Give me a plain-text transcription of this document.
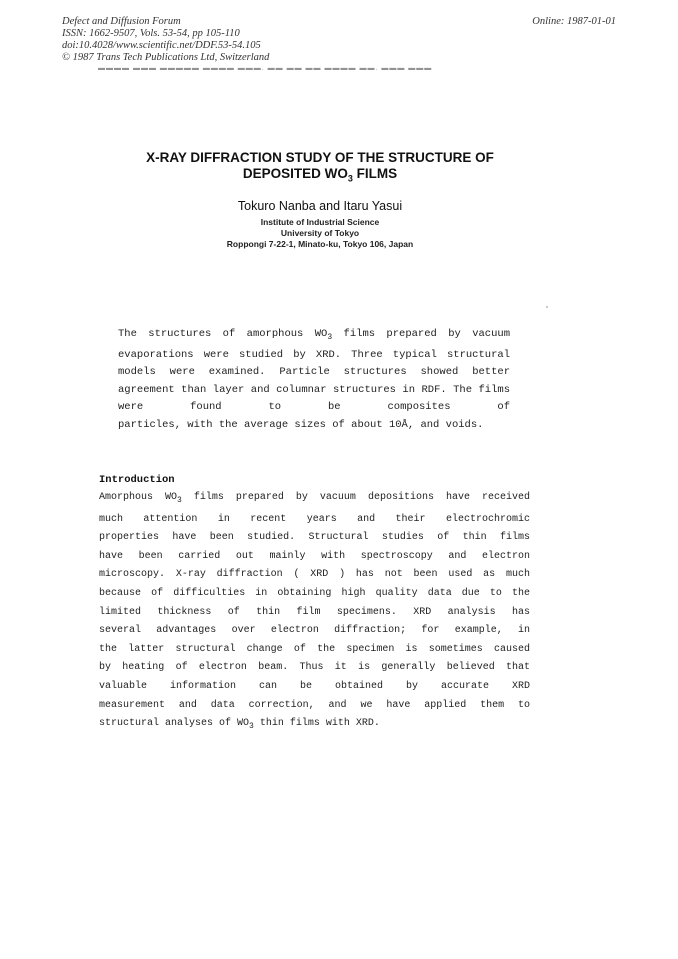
Defect and Diffusion Forum
ISSN: 1662-9507, Vols. 53-54, pp 105-110
doi:10.4028/www.scientific.net/DDF.53-54.105
© 1987 Trans Tech Publications Ltd, Switzerland
Online: 1987-01-01
▬▬▬▬ ▬▬▬ ▬▬▬▬▬ ▬▬▬▬ ▬▬▬. ▬▬ ▬▬ ▬▬ ▬▬▬▬ ▬▬. ▬▬▬ ▬▬▬
X-RAY DIFFRACTION STUDY OF THE STRUCTURE OF
DEPOSITED $WO_3$ FILMS
Tokuro Nanba and Itaru Yasui
Institute of Industrial Science
University of Tokyo
Roppongi 7-22-1, Minato-ku, Tokyo 106, Japan

The structures of amorphous $WO_3$ films prepared by vacuum evaporations were studied by XRD. Three typical structural models were examined. Particle structures showed better agreement than layer and columnar structures in RDF. The films were found to be composites of

particles, with the average sizes of about 10Å, and voids.

Introduction
Amorphous $WO_3$ films prepared by vacuum depositions have received
much attention in recent years and their electrochromic
properties have been studied. Structural studies of thin films
have been carried out mainly with spectroscopy and electron
microscopy. X-ray diffraction ( XRD ) has not been used as much
because of difficulties in obtaining high quality data due to the
limited thickness of thin film specimens. XRD analysis has
several advantages over electron diffraction; for example, in
the latter structural change of the specimen is sometimes caused
by heating of electron beam. Thus it is generally believed that
valuable information can be obtained by accurate XRD
measurement and data correction, and we have applied them to
structural analyses of $WO_3$ thin films with XRD.
